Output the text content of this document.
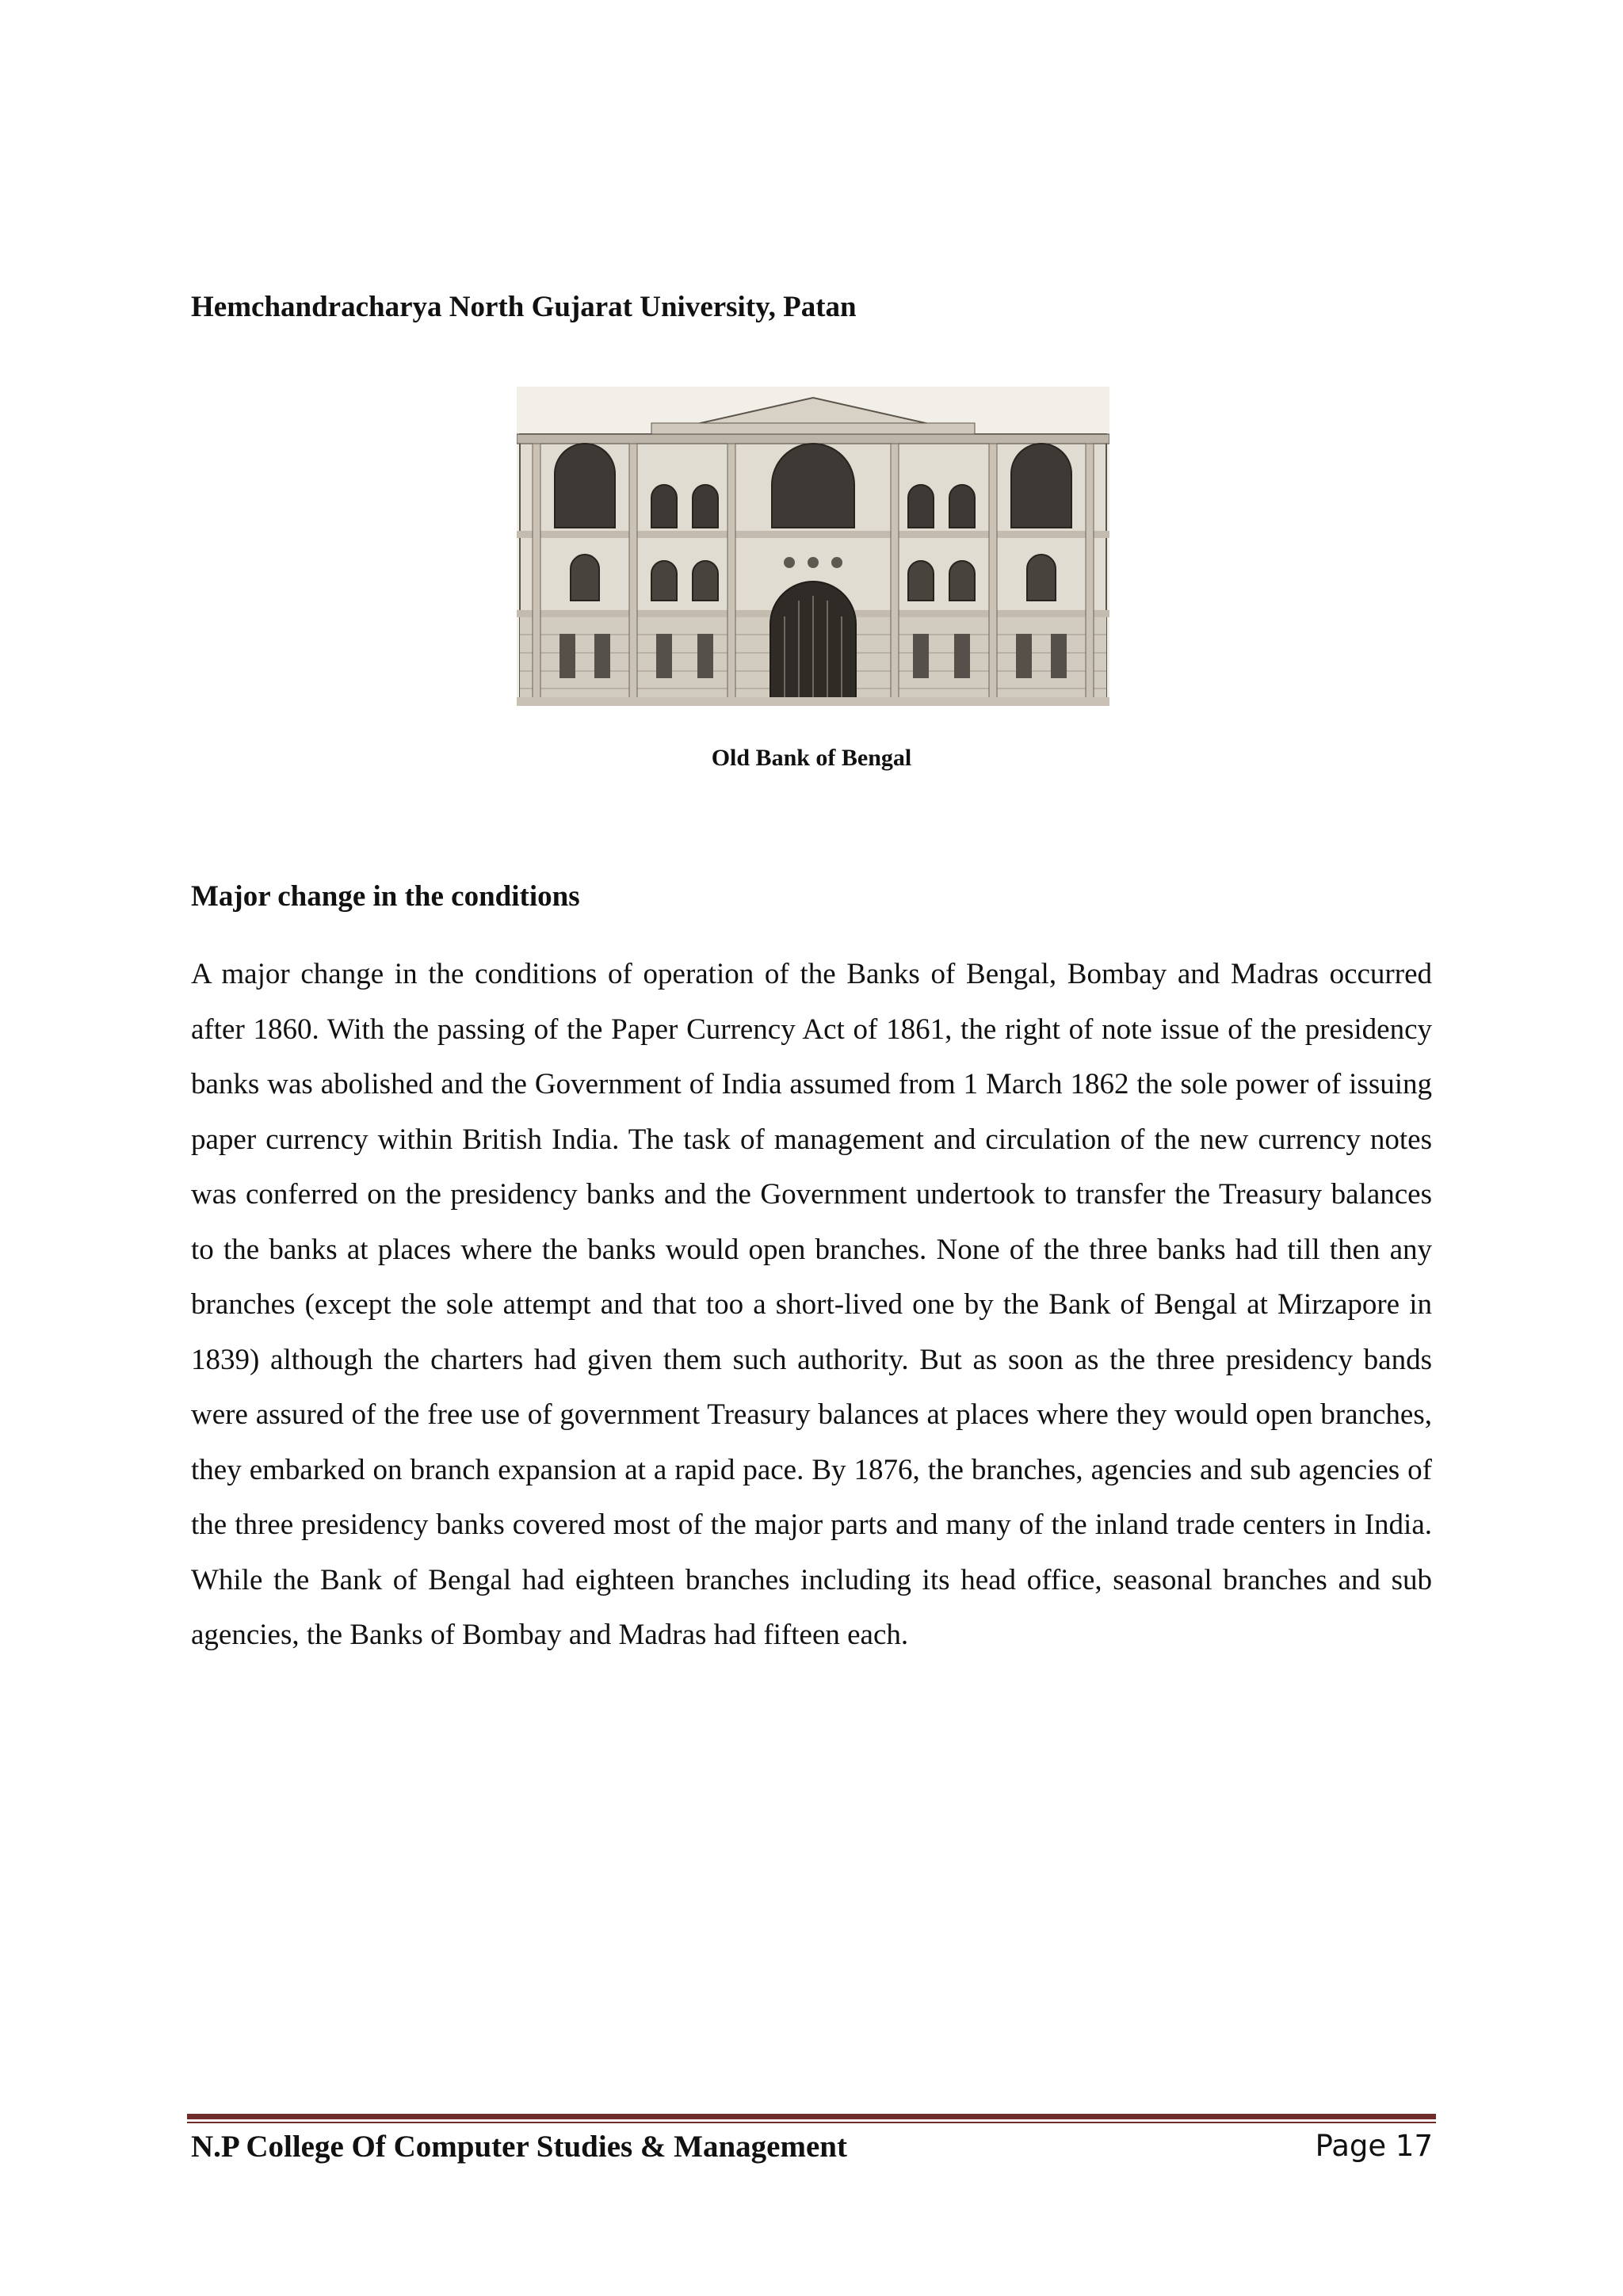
Hemchandracharya North Gujarat University, Patan
Old Bank of Bengal
Major change in the conditions

A major change in the conditions of operation of the Banks of Bengal, Bombay and Madras occurred after 1860. With the passing of the Paper Currency Act of 1861, the right of note issue of the presidency banks was abolished and the Government of India assumed from 1 March 1862 the sole power of issuing paper currency within British India. The task of management and circulation of the new currency notes was conferred on the presidency banks and the Government undertook to transfer the Treasury balances to the banks at places where the banks would open branches. None of the three banks had till then any branches (except the sole attempt and that too a short-lived one by the Bank of Bengal at Mirzapore in 1839) although the charters had given them such authority. But as soon as the three presidency bands were assured of the free use of government Treasury balances at places where they would open branches, they embarked on branch expansion at a rapid pace. By 1876, the branches, agencies and sub agencies of the three presidency banks covered most of the major parts and many of the inland trade centers in India. While the Bank of Bengal had eighteen branches including its head office, seasonal branches and sub agencies, the Banks of Bombay and Madras had fifteen each.

N.P College Of Computer Studies & Management	Page 17
